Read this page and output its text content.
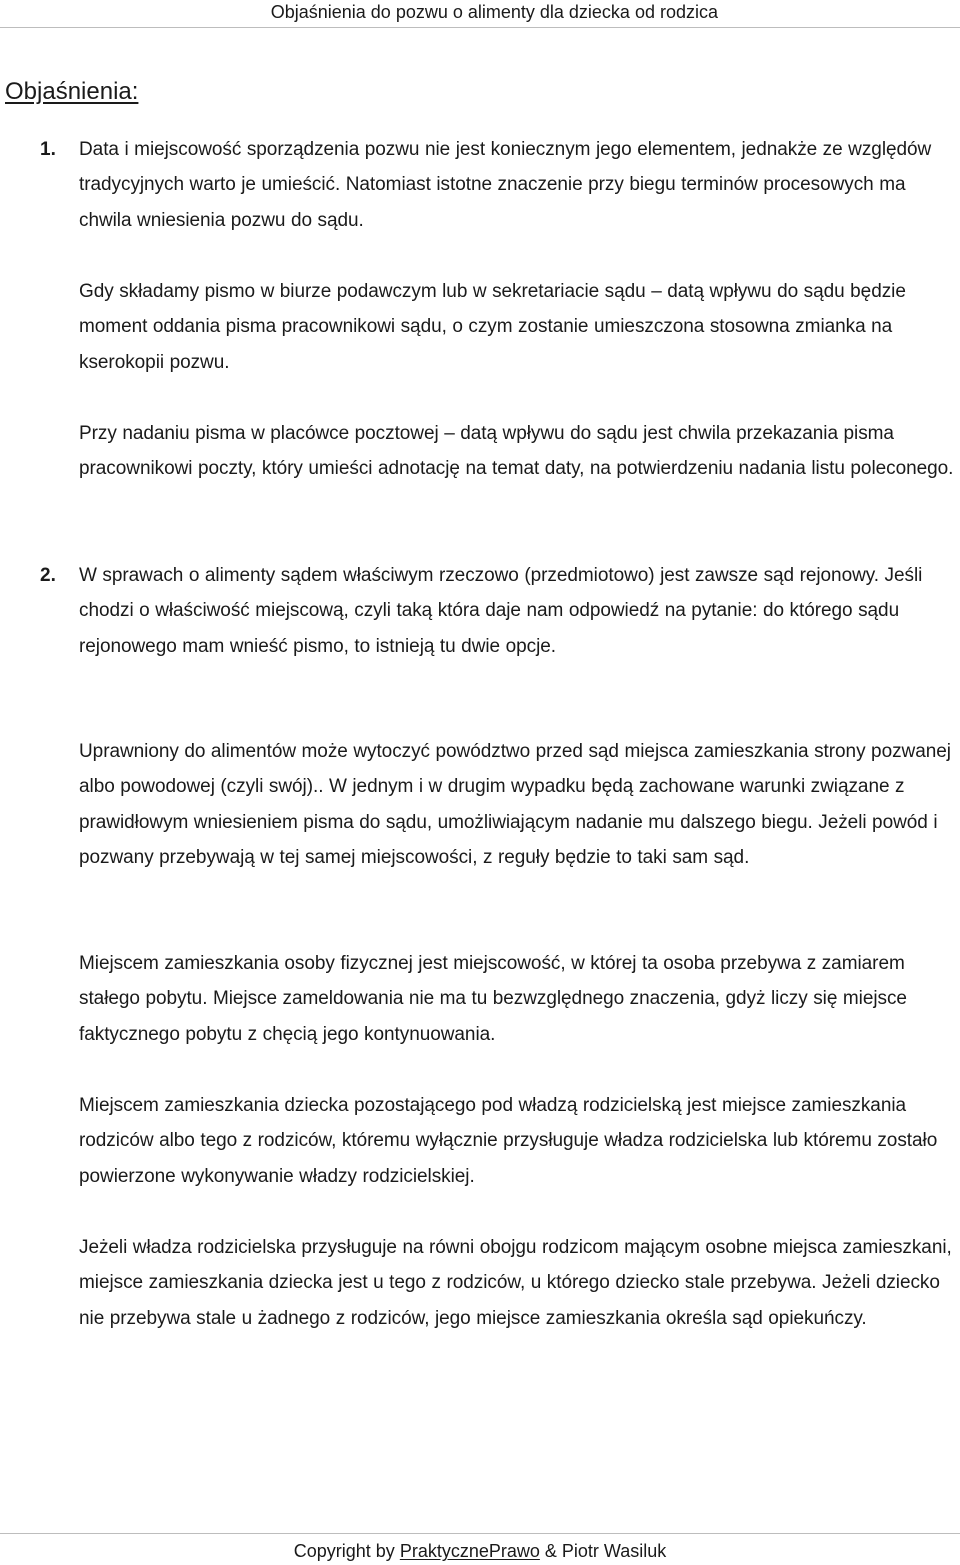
Objaśnienia do pozwu o alimenty dla dziecka od rodzica
Objaśnienia:
1. Data i miejscowość sporządzenia pozwu nie jest koniecznym jego elementem, jednakże ze względów tradycyjnych warto je umieścić. Natomiast istotne znaczenie przy biegu terminów procesowych ma chwila wniesienia pozwu do sądu.

Gdy składamy pismo w biurze podawczym lub w sekretariacie sądu – datą wpływu do sądu będzie moment oddania pisma pracownikowi sądu, o czym zostanie umieszczona stosowna zmianka na kserokopii pozwu.

Przy nadaniu pisma w placówce pocztowej – datą wpływu do sądu jest chwila przekazania pisma pracownikowi poczty, który umieści adnotację na temat daty, na potwierdzeniu nadania listu poleconego.

2. W sprawach o alimenty sądem właściwym rzeczowo (przedmiotowo) jest zawsze sąd rejonowy. Jeśli chodzi o właściwość miejscową, czyli taką która daje nam odpowiedź na pytanie: do którego sądu rejonowego mam wnieść pismo, to istnieją tu dwie opcje.

Uprawniony do alimentów może wytoczyć powództwo przed sąd miejsca zamieszkania strony pozwanej albo powodowej (czyli swój).. W jednym i w drugim wypadku będą zachowane warunki związane z prawidłowym wniesieniem pisma do sądu, umożliwiającym nadanie mu dalszego biegu. Jeżeli powód i pozwany przebywają w tej samej miejscowości, z reguły będzie to taki sam sąd.

Miejscem zamieszkania osoby fizycznej jest miejscowość, w której ta osoba przebywa z zamiarem stałego pobytu. Miejsce zameldowania nie ma tu bezwzględnego znaczenia, gdyż liczy się miejsce faktycznego pobytu z chęcią jego kontynuowania.

Miejscem zamieszkania dziecka pozostającego pod władzą rodzicielską jest miejsce zamieszkania rodziców albo tego z rodziców, któremu wyłącznie przysługuje władza rodzicielska lub któremu zostało powierzone wykonywanie władzy rodzicielskiej.

Jeżeli władza rodzicielska przysługuje na równi obojgu rodzicom mającym osobne miejsca zamieszkani, miejsce zamieszkania dziecka jest u tego z rodziców, u którego dziecko stale przebywa. Jeżeli dziecko nie przebywa stale u żadnego z rodziców, jego miejsce zamieszkania określa sąd opiekuńczy.

Copyright by PraktycznePrawo & Piotr Wasiluk
